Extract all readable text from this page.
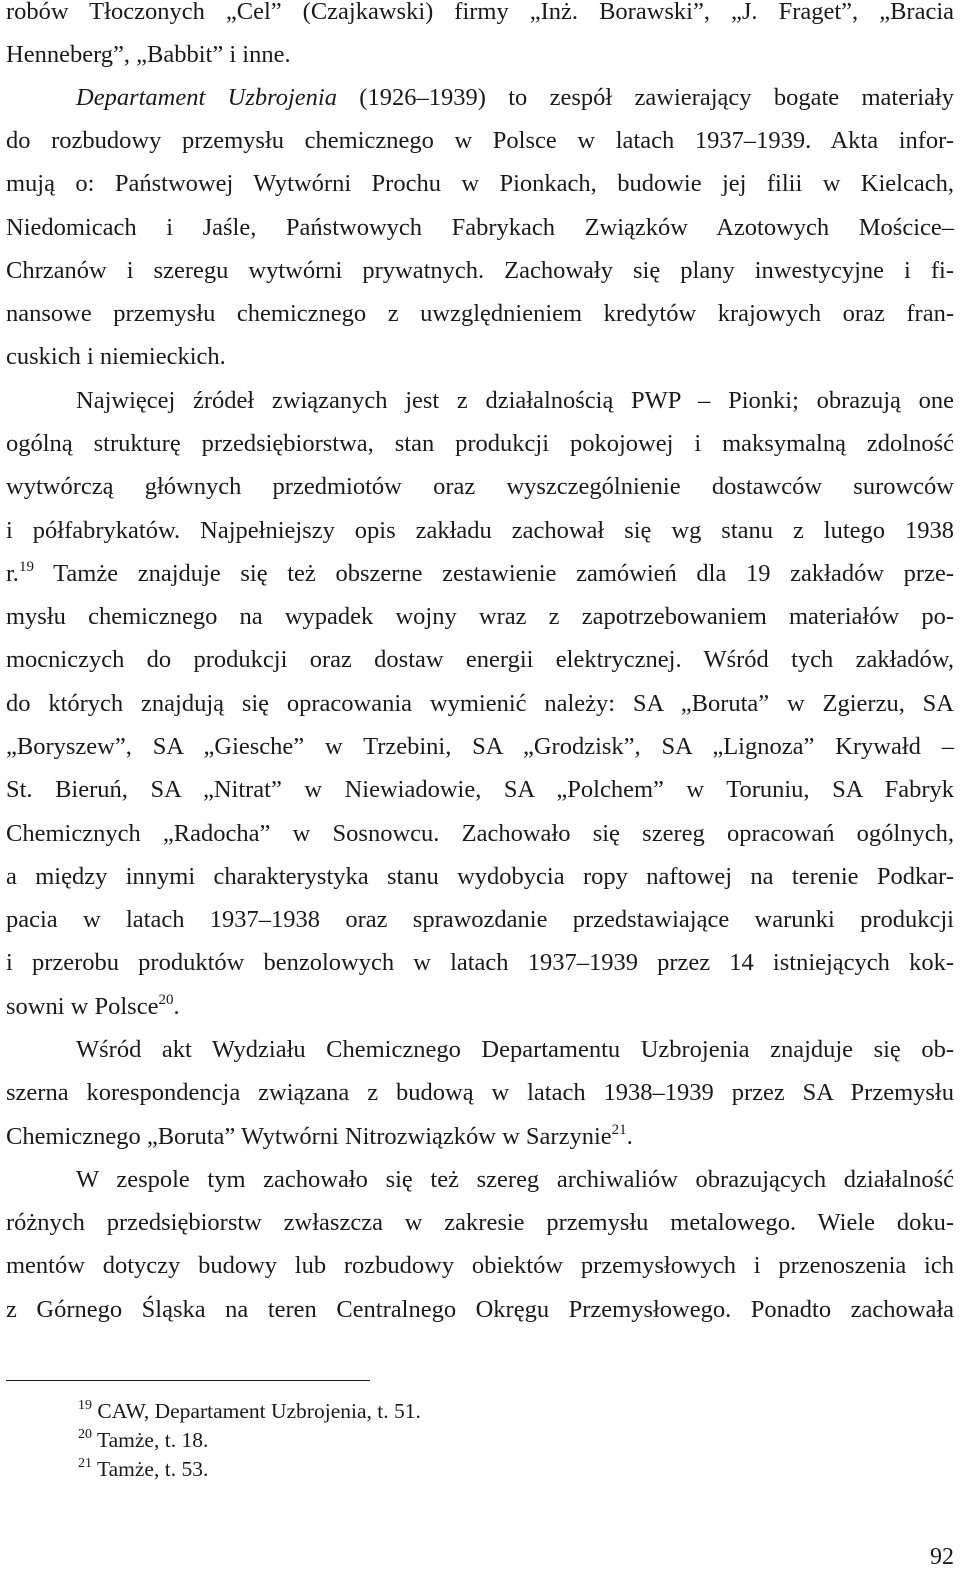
robów Tłoczonych „Cel” (Czajkawski) firmy „Inż. Borawski”, „J. Fraget”, „Bracia
Henneberg”, „Babbit” i inne.
Departament Uzbrojenia (1926–1939) to zespół zawierający bogate materiały
do rozbudowy przemysłu chemicznego w Polsce w latach 1937–1939. Akta infor-
mują o: Państwowej Wytwórni Prochu w Pionkach, budowie jej filii w Kielcach,
Niedomicach i Jaśle, Państwowych Fabrykach Związków Azotowych Mościce–
Chrzanów i szeregu wytwórni prywatnych. Zachowały się plany inwestycyjne i fi-
nansowe przemysłu chemicznego z uwzględnieniem kredytów krajowych oraz fran-
cuskich i niemieckich.
Najwięcej źródeł związanych jest z działalnością PWP – Pionki; obrazują one
ogólną strukturę przedsiębiorstwa, stan produkcji pokojowej i maksymalną zdolność
wytwórczą głównych przedmiotów oraz wyszczególnienie dostawców surowców
i półfabrykatów. Najpełniejszy opis zakładu zachował się wg stanu z lutego 1938
r.$^{19}$ Tamże znajduje się też obszerne zestawienie zamówień dla 19 zakładów prze-
mysłu chemicznego na wypadek wojny wraz z zapotrzebowaniem materiałów po-
mocniczych do produkcji oraz dostaw energii elektrycznej. Wśród tych zakładów,
do których znajdują się opracowania wymienić należy: SA „Boruta” w Zgierzu, SA
„Boryszew”, SA „Giesche” w Trzebini, SA „Grodzisk”, SA „Lignoza” Krywałd –
St. Bieruń, SA „Nitrat” w Niewiadowie, SA „Polchem” w Toruniu, SA Fabryk
Chemicznych „Radocha” w Sosnowcu. Zachowało się szereg opracowań ogólnych,
a między innymi charakterystyka stanu wydobycia ropy naftowej na terenie Podkar-
pacia w latach 1937–1938 oraz sprawozdanie przedstawiające warunki produkcji
i przerobu produktów benzolowych w latach 1937–1939 przez 14 istniejących kok-
sowni w Polsce$^{20}$.
Wśród akt Wydziału Chemicznego Departamentu Uzbrojenia znajduje się ob-
szerna korespondencja związana z budową w latach 1938–1939 przez SA Przemysłu
Chemicznego „Boruta” Wytwórni Nitrozwiązków w Sarzynie$^{21}$.
W zespole tym zachowało się też szereg archiwaliów obrazujących działalność
różnych przedsiębiorstw zwłaszcza w zakresie przemysłu metalowego. Wiele doku-
mentów dotyczy budowy lub rozbudowy obiektów przemysłowych i przenoszenia ich
z Górnego Śląska na teren Centralnego Okręgu Przemysłowego. Ponadto zachowała
$^{19}$ CAW, Departament Uzbrojenia, t. 51.
$^{20}$ Tamże, t. 18.
$^{21}$ Tamże, t. 53.
92
